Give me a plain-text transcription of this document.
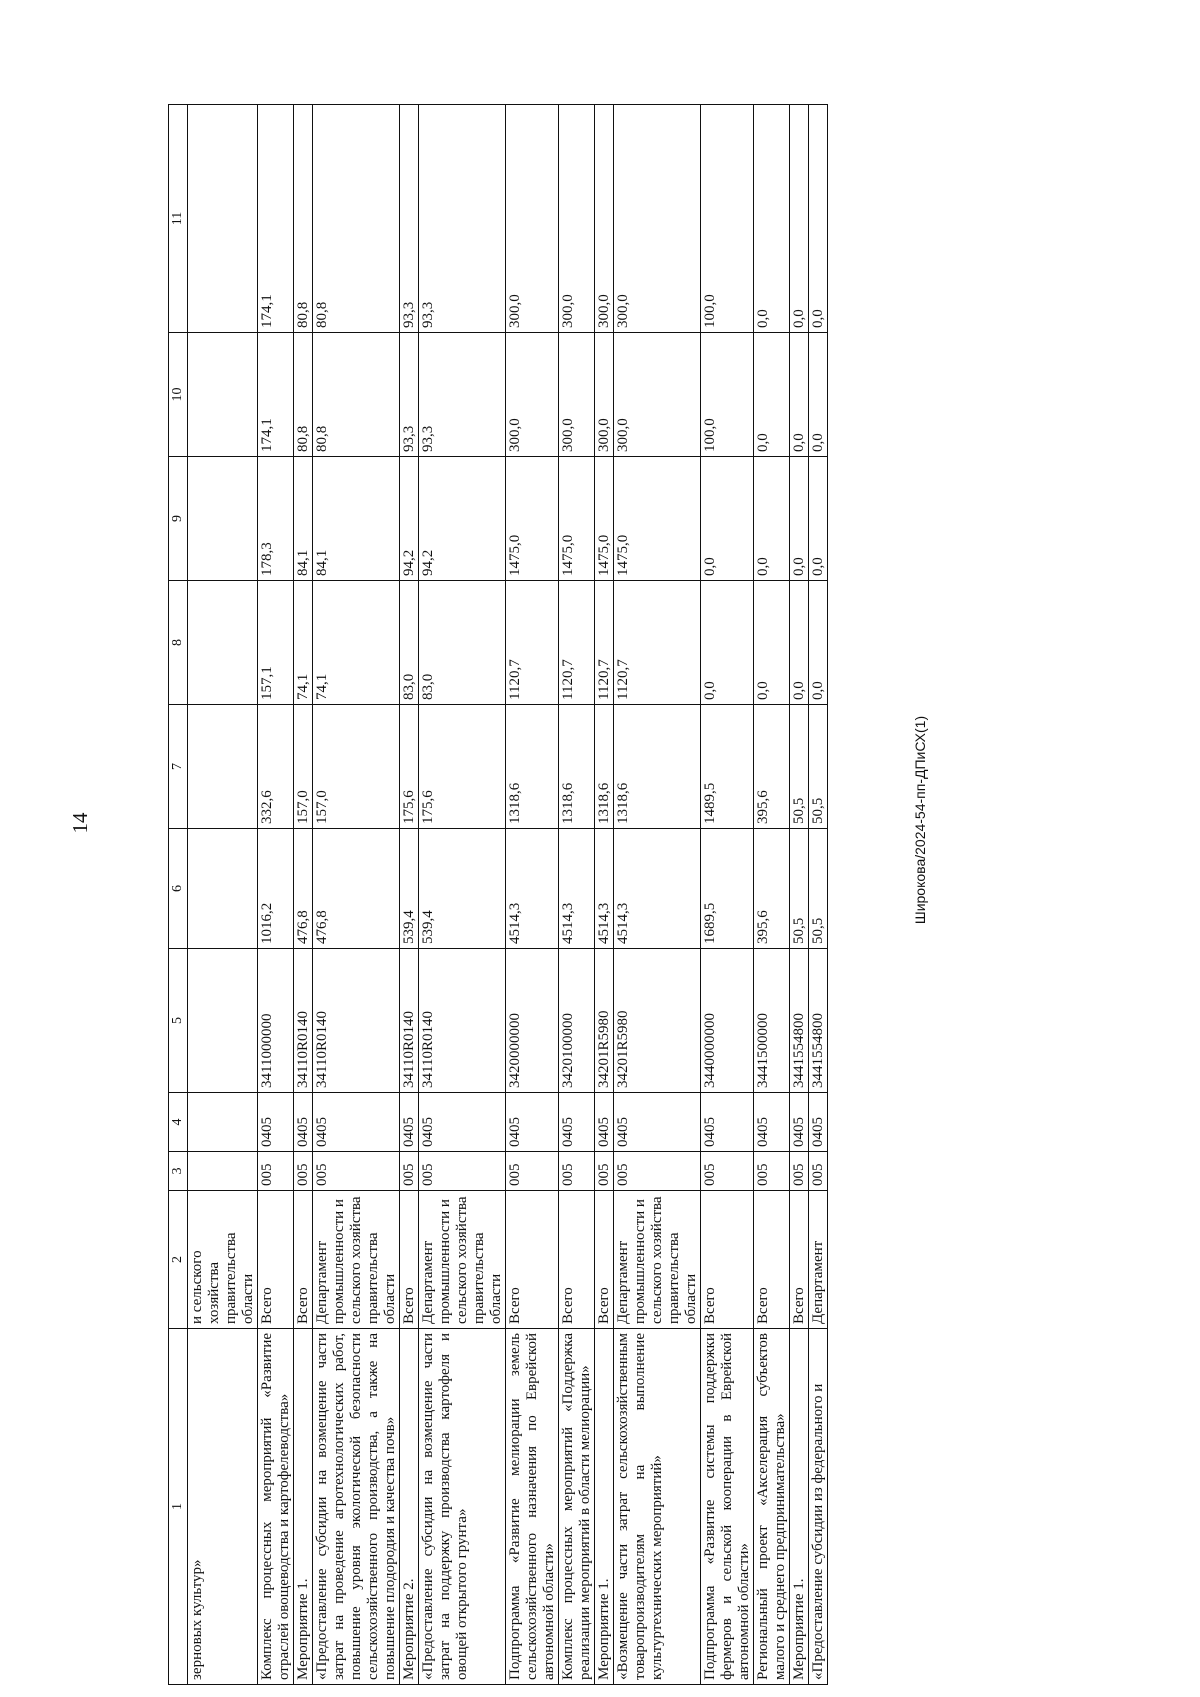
14
1	2	3	4	5	6	7	8	9	10	11
зерновых культур»	и сельского хозяйства правительства области									
Комплекс процессных мероприятий «Развитие отраслей овощеводства и картофелеводства»	Всего	005	0405	3411000000	1016,2	332,6	157,1	178,3	174,1	174,1
Мероприятие 1.	Всего	005	0405	34110R0140	476,8	157,0	74,1	84,1	80,8	80,8
«Предоставление субсидии на возмещение части затрат на проведение агротехнологических работ, повышение уровня экологической безопасности сельскохозяйственного производства, а также на повышение плодородия и качества почв»	Департамент промышленности и сельского хозяйства правительства области	005	0405	34110R0140	476,8	157,0	74,1	84,1	80,8	80,8
Мероприятие 2.	Всего	005	0405	34110R0140	539,4	175,6	83,0	94,2	93,3	93,3
«Предоставление субсидии на возмещение части затрат на поддержку производства картофеля и овощей открытого грунта»	Департамент промышленности и сельского хозяйства правительства области	005	0405	34110R0140	539,4	175,6	83,0	94,2	93,3	93,3
Подпрограмма «Развитие мелиорации земель сельскохозяйственного назначения по Еврейской автономной области»	Всего	005	0405	3420000000	4514,3	1318,6	1120,7	1475,0	300,0	300,0
Комплекс процессных мероприятий «Поддержка реализации мероприятий в области мелиорации»	Всего	005	0405	3420100000	4514,3	1318,6	1120,7	1475,0	300,0	300,0
Мероприятие 1.	Всего	005	0405	34201R5980	4514,3	1318,6	1120,7	1475,0	300,0	300,0
«Возмещение части затрат сельскохозяйственным товаропроизводителям на выполнение культуртехнических мероприятий»	Департамент промышленности и сельского хозяйства правительства области	005	0405	34201R5980	4514,3	1318,6	1120,7	1475,0	300,0	300,0
Подпрограмма «Развитие системы поддержки фермеров и сельской кооперации в Еврейской автономной области»	Всего	005	0405	3440000000	1689,5	1489,5	0,0	0,0	100,0	100,0
Региональный проект «Акселерация субъектов малого и среднего предпринимательства»	Всего	005	0405	3441500000	395,6	395,6	0,0	0,0	0,0	0,0
Мероприятие 1.	Всего	005	0405	3441554800	50,5	50,5	0,0	0,0	0,0	0,0
«Предоставление субсидии из федерального и	Департамент	005	0405	3441554800	50,5	50,5	0,0	0,0	0,0	0,0
Широкова/2024-54-пп-ДПиСХ(1)
